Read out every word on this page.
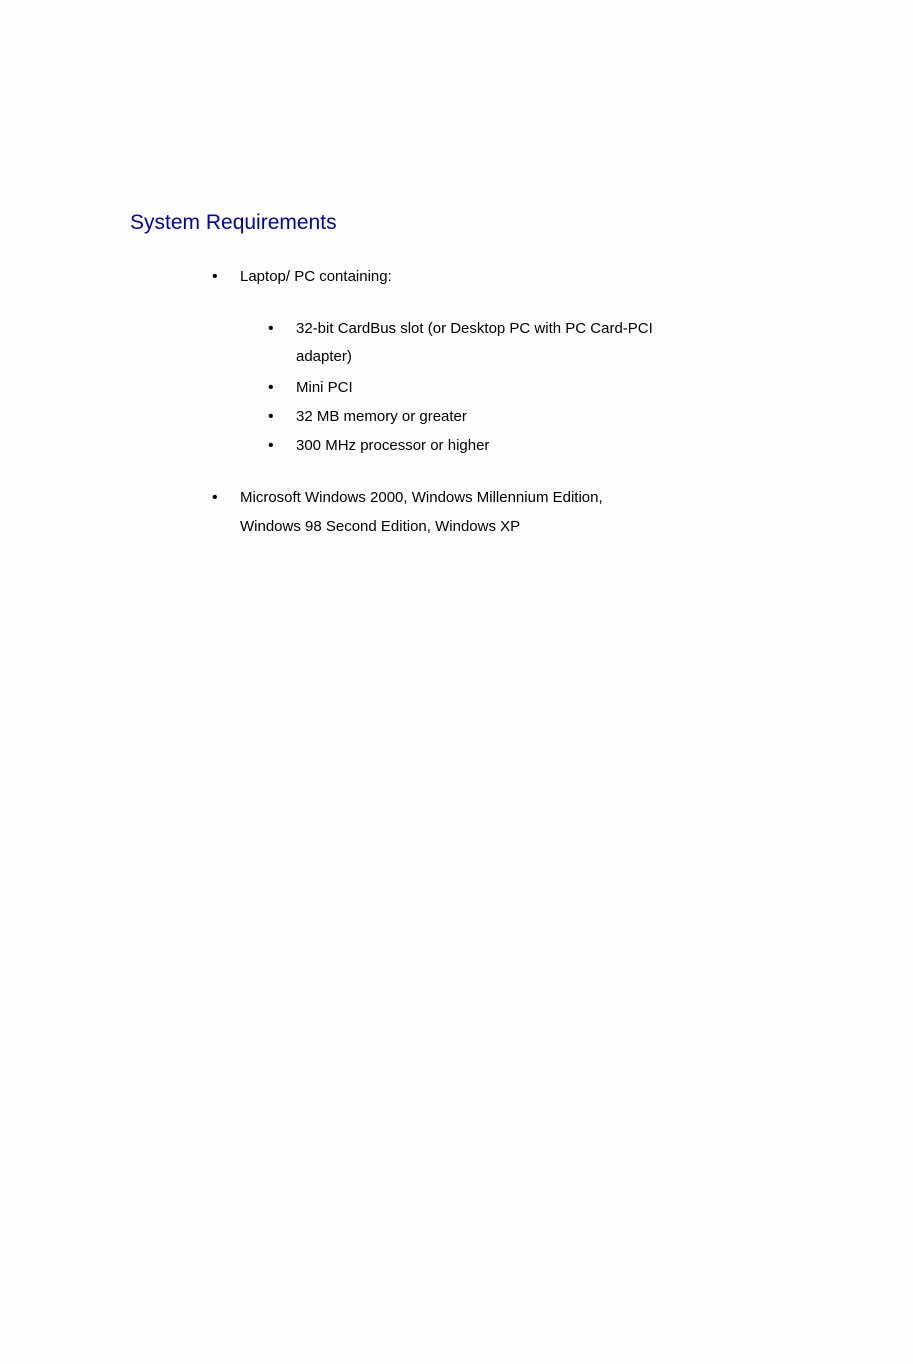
System Requirements
• Laptop/ PC containing:
• 32-bit CardBus slot (or Desktop PC with PC Card-PCI
adapter)
• Mini PCI
• 32 MB memory or greater
• 300 MHz processor or higher
• Microsoft Windows 2000, Windows Millennium Edition,
Windows 98 Second Edition, Windows XP
